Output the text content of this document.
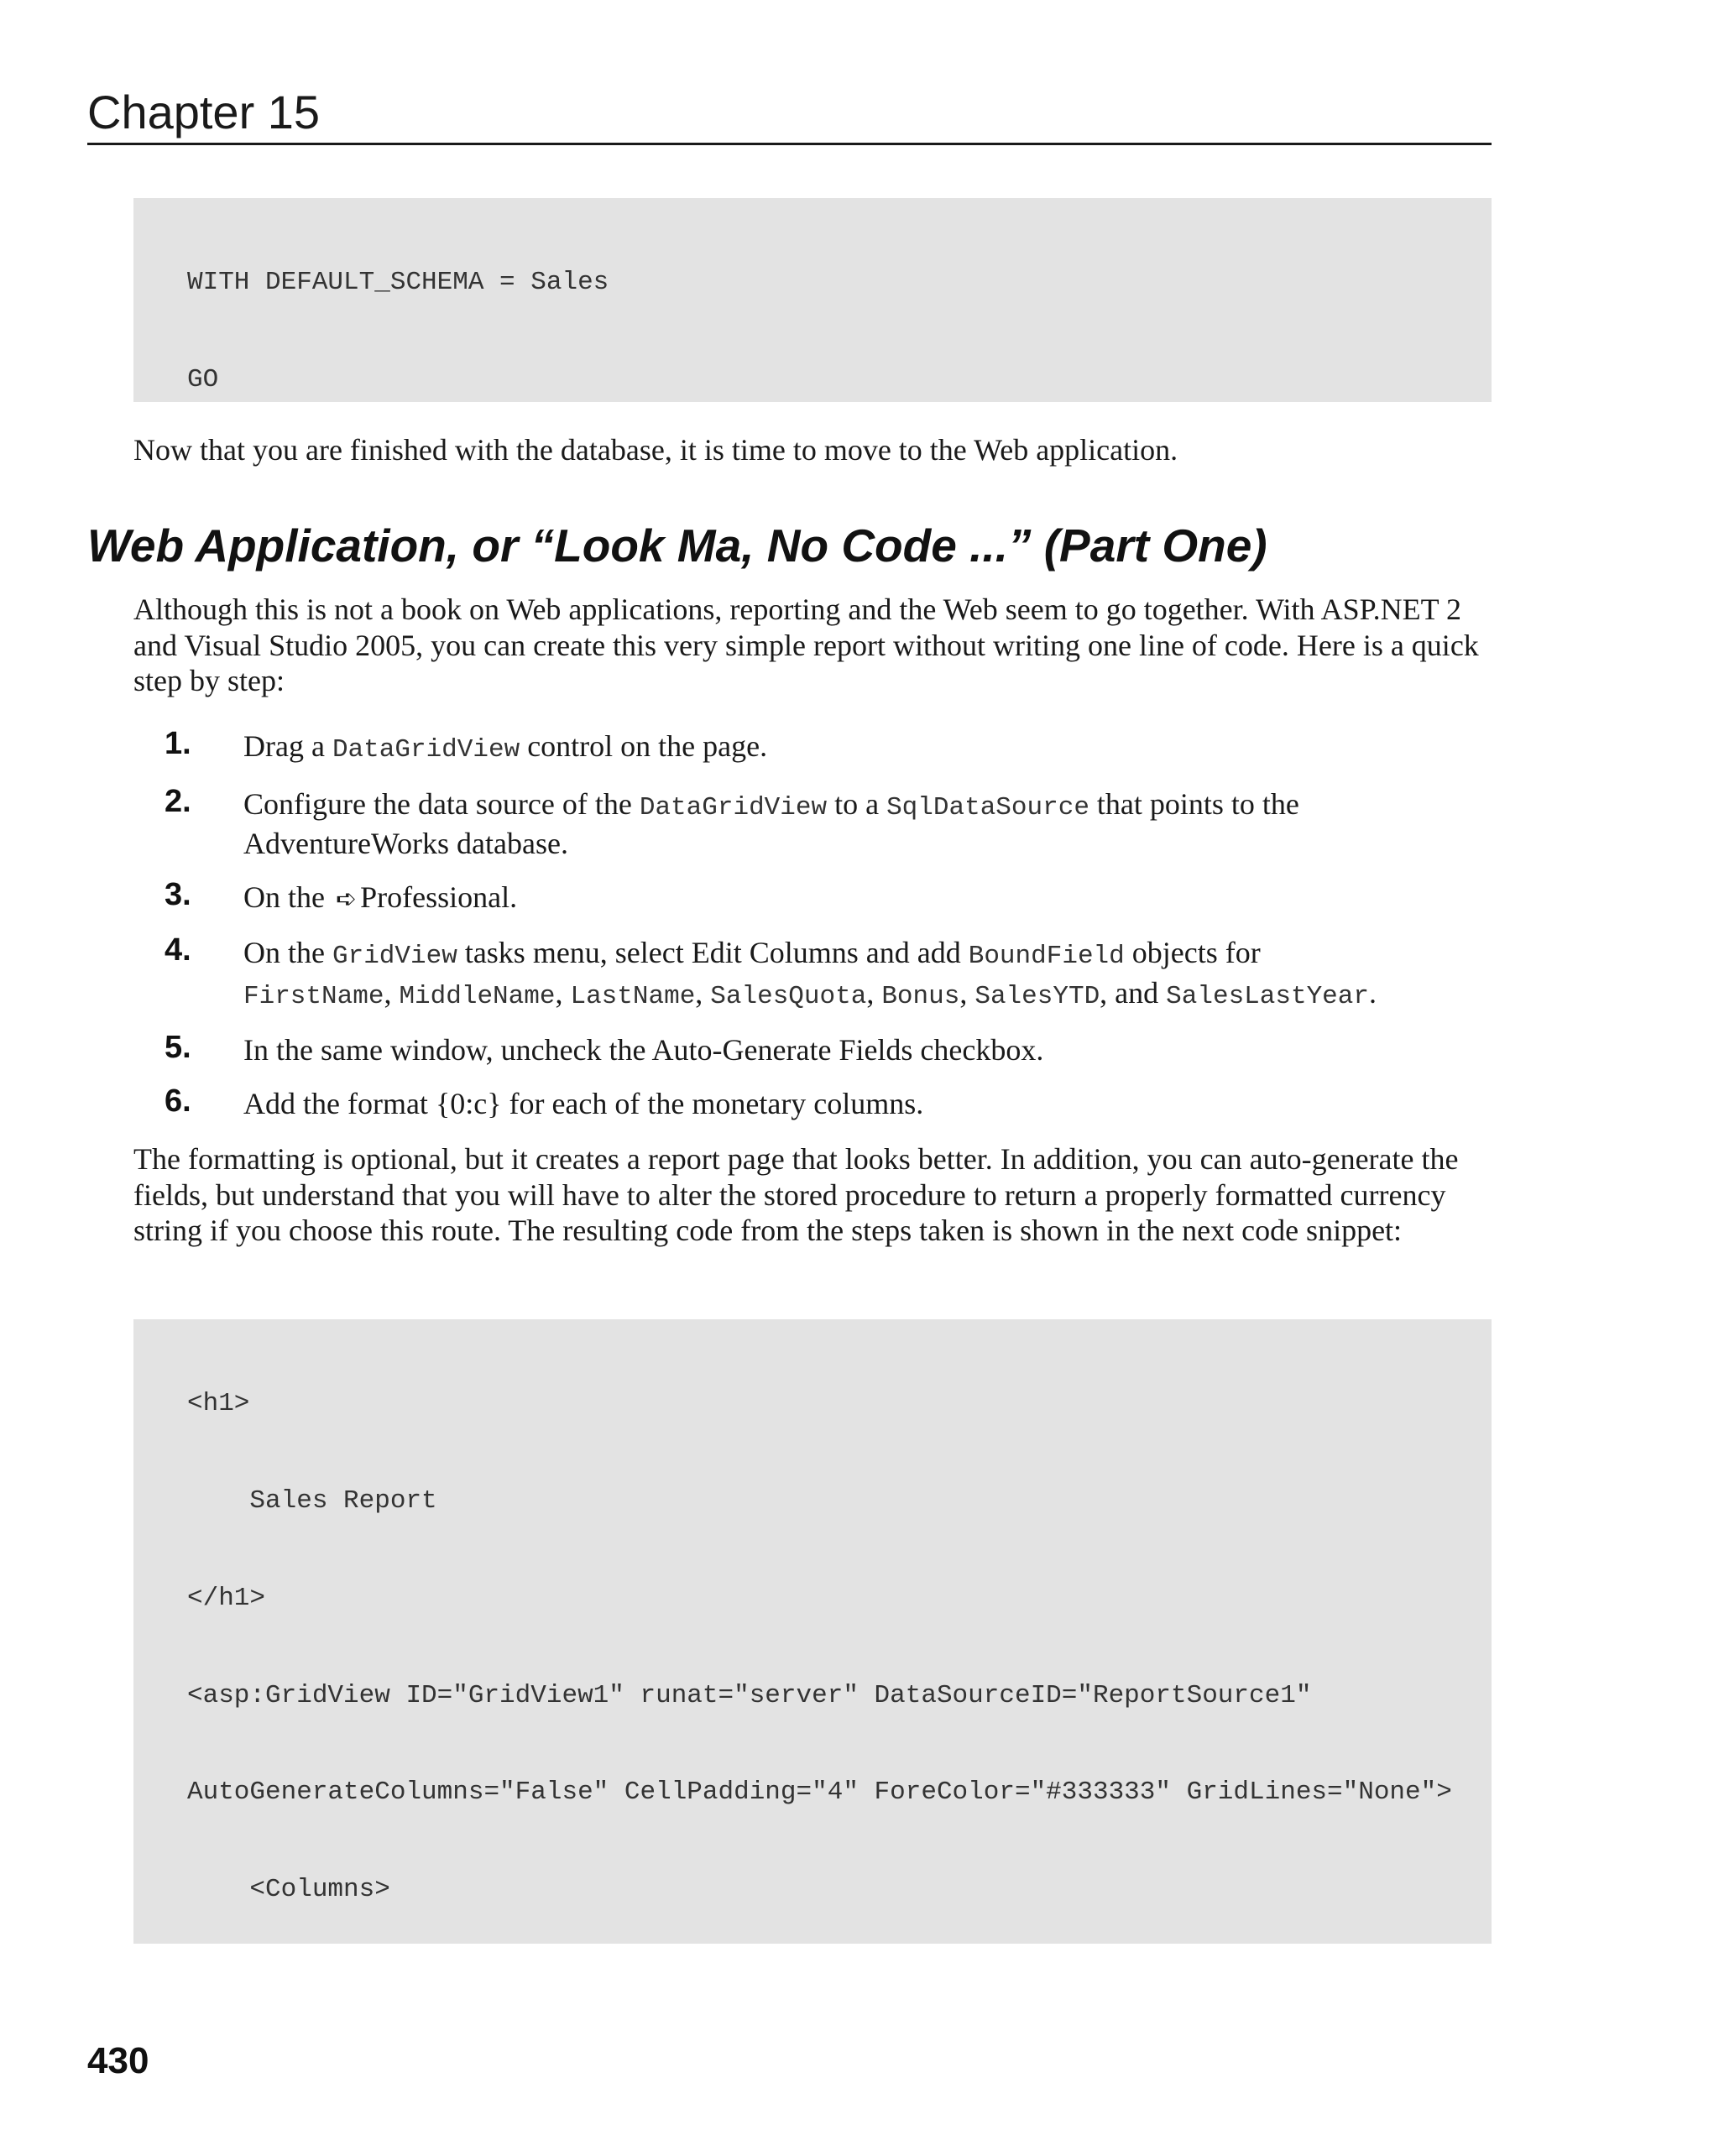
Chapter 15

WITH DEFAULT_SCHEMA = Sales

GO

Now that you are finished with the database, it is time to move to the Web application.

Web Application, or “Look Ma, No Code ...” (Part One)

Although this is not a book on Web applications, reporting and the Web seem to go together. With ASP.NET 2 and Visual Studio 2005, you can create this very simple report without writing one line of code. Here is a quick step by step:

1. Drag a DataGridView control on the page.
2. Configure the data source of the DataGridView to a SqlDataSource that points to the AdventureWorks database.
3. On the ➪ Professional.
4. On the GridView tasks menu, select Edit Columns and add BoundField objects for
FirstName, MiddleName, LastName, SalesQuota, Bonus, SalesYTD, and SalesLastYear.
5. In the same window, uncheck the Auto-Generate Fields checkbox.
6. Add the format {0:c} for each of the monetary columns.

The formatting is optional, but it creates a report page that looks better. In addition, you can auto-generate the fields, but understand that you will have to alter the stored procedure to return a properly formatted currency string if you choose this route. The resulting code from the steps taken is shown in the next code snippet:

<h1>

Sales Report

</h1>

<asp:GridView ID="GridView1" runat="server" DataSourceID="ReportSource1"

AutoGenerateColumns="False" CellPadding="4" ForeColor="#333333" GridLines="None">

<Columns>

430
